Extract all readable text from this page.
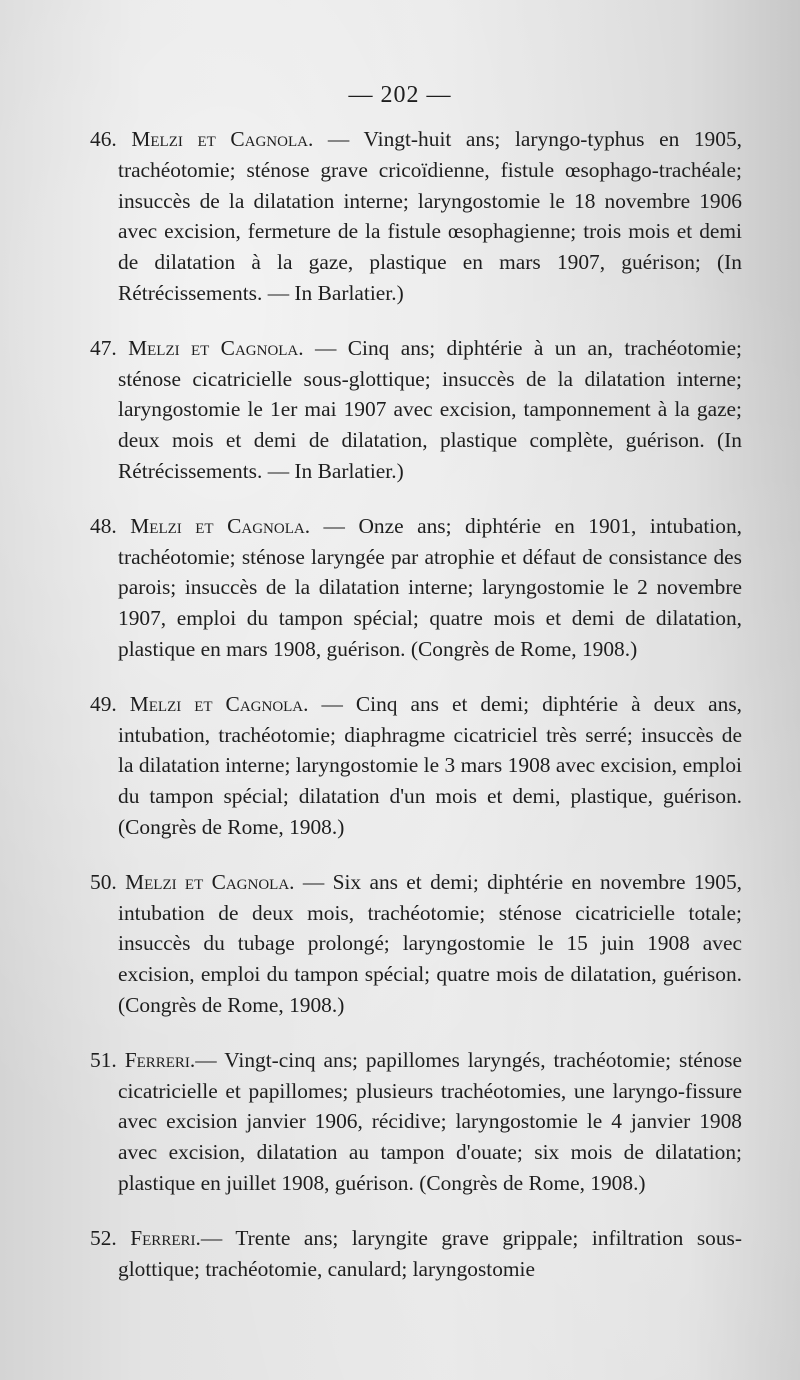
— 202 —

46. Melzi et Cagnola. — Vingt-huit ans; laryngo-typhus en 1905, trachéotomie; sténose grave cricoïdienne, fistule œsophago-trachéale; insuccès de la dilatation interne; laryngostomie le 18 novembre 1906 avec excision, fermeture de la fistule œsophagienne; trois mois et demi de dilatation à la gaze, plastique en mars 1907, guérison; (In Rétrécissements. — In Barlatier.)

47. Melzi et Cagnola. — Cinq ans; diphtérie à un an, trachéotomie; sténose cicatricielle sous-glottique; insuccès de la dilatation interne; laryngostomie le 1er mai 1907 avec excision, tamponnement à la gaze; deux mois et demi de dilatation, plastique complète, guérison. (In Rétrécissements. — In Barlatier.)

48. Melzi et Cagnola. — Onze ans; diphtérie en 1901, intubation, trachéotomie; sténose laryngée par atrophie et défaut de consistance des parois; insuccès de la dilatation interne; laryngostomie le 2 novembre 1907, emploi du tampon spécial; quatre mois et demi de dilatation, plastique en mars 1908, guérison. (Congrès de Rome, 1908.)

49. Melzi et Cagnola. — Cinq ans et demi; diphtérie à deux ans, intubation, trachéotomie; diaphragme cicatriciel très serré; insuccès de la dilatation interne; laryngostomie le 3 mars 1908 avec excision, emploi du tampon spécial; dilatation d'un mois et demi, plastique, guérison. (Congrès de Rome, 1908.)

50. Melzi et Cagnola. — Six ans et demi; diphtérie en novembre 1905, intubation de deux mois, trachéotomie; sténose cicatricielle totale; insuccès du tubage prolongé; laryngostomie le 15 juin 1908 avec excision, emploi du tampon spécial; quatre mois de dilatation, guérison. (Congrès de Rome, 1908.)

51. Ferreri.— Vingt-cinq ans; papillomes laryngés, trachéotomie; sténose cicatricielle et papillomes; plusieurs trachéotomies, une laryngo-fissure avec excision janvier 1906, récidive; laryngostomie le 4 janvier 1908 avec excision, dilatation au tampon d'ouate; six mois de dilatation; plastique en juillet 1908, guérison. (Congrès de Rome, 1908.)

52. Ferreri.— Trente ans; laryngite grave grippale; infiltration sous-glottique; trachéotomie, canulard; laryngostomie
